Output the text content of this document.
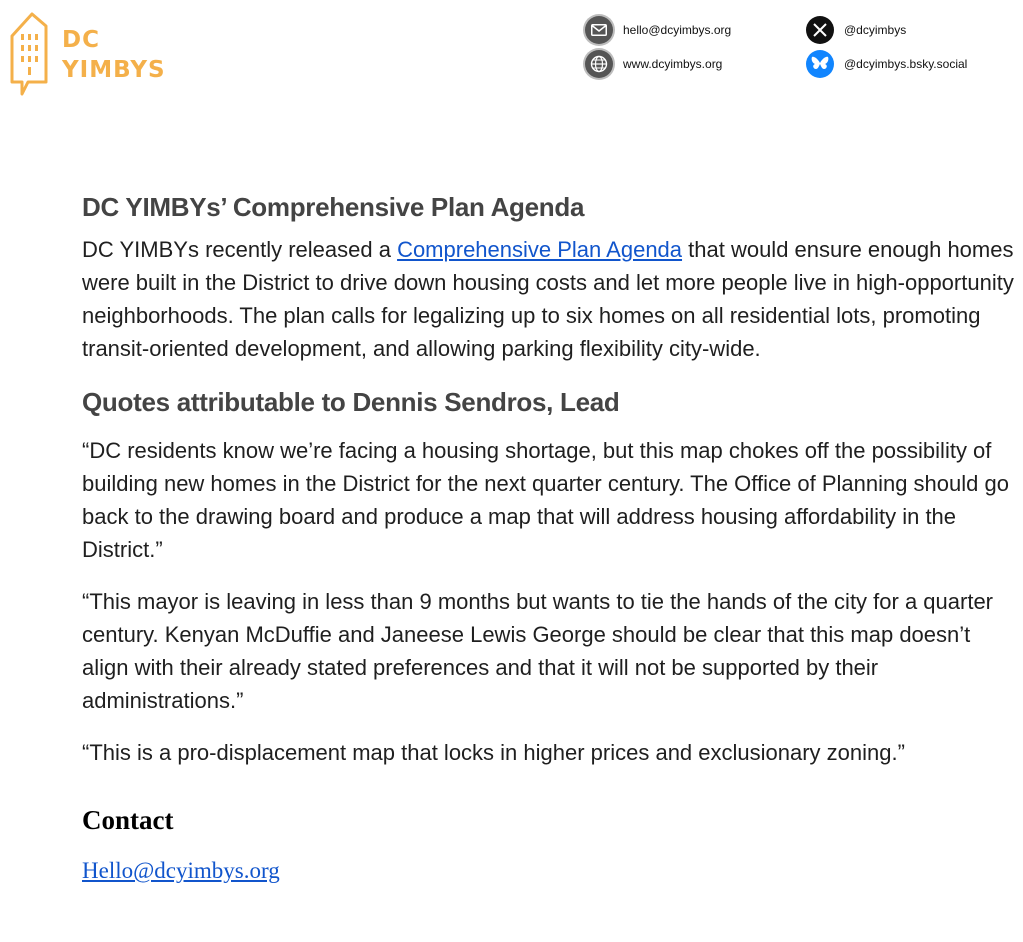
DC
YIMBYS
hello@dcyimbys.org
www.dcyimbys.org
@dcyimbys
@dcyimbys.bsky.social
DC YIMBYs’ Comprehensive Plan Agenda

DC YIMBYs recently released a Comprehensive Plan Agenda that would ensure enough homes were built in the District to drive down housing costs and let more people live in high-opportunity neighborhoods. The plan calls for legalizing up to six homes on all residential lots, promoting transit-oriented development, and allowing parking flexibility city-wide.

Quotes attributable to Dennis Sendros, Lead

“DC residents know we’re facing a housing shortage, but this map chokes off the possibility of building new homes in the District for the next quarter century. The Office of Planning should go back to the drawing board and produce a map that will address housing affordability in the District.”

“This mayor is leaving in less than 9 months but wants to tie the hands of the city for a quarter century. Kenyan McDuffie and Janeese Lewis George should be clear that this map doesn’t align with their already stated preferences and that it will not be supported by their administrations.”

“This is a pro-displacement map that locks in higher prices and exclusionary zoning.”

Contact
Hello@dcyimbys.org
